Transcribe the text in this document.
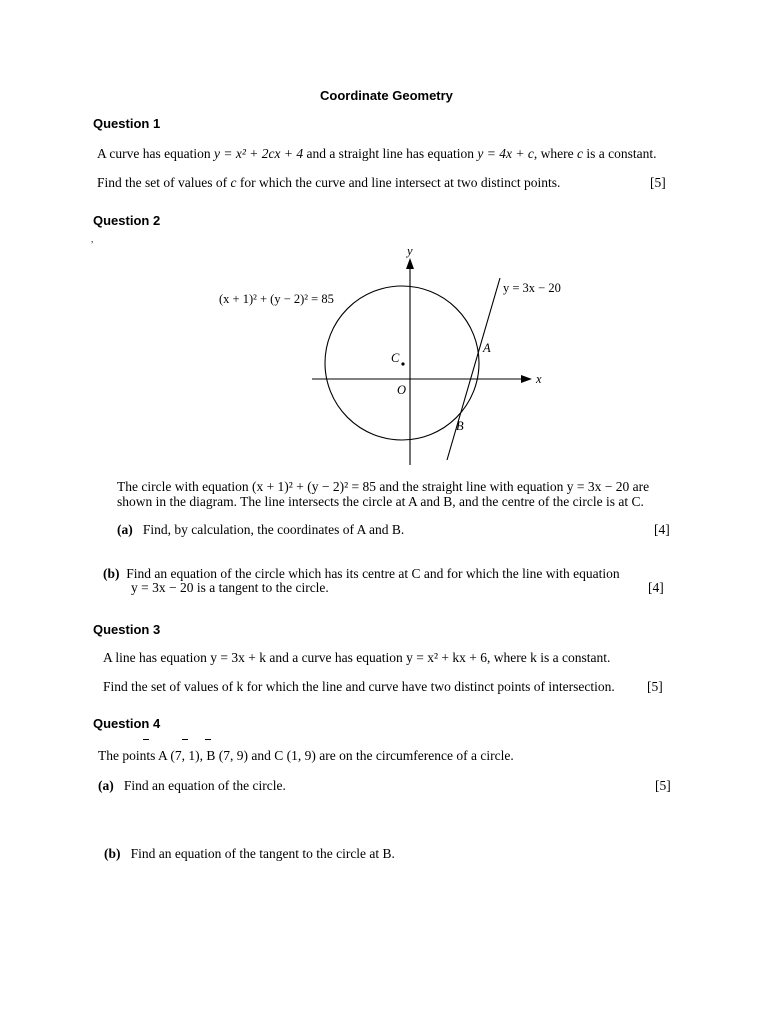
Coordinate Geometry
Question 1
A curve has equation y = x² + 2cx + 4 and a straight line has equation y = 4x + c, where c is a constant.
Find the set of values of c for which the curve and line intersect at two distinct points.	[5]
Question 2
,
y
x
O
C
A
B
(x + 1)² + (y − 2)² = 85
y = 3x − 20
The circle with equation (x + 1)² + (y − 2)² = 85 and the straight line with equation y = 3x − 20 are
shown in the diagram. The line intersects the circle at A and B, and the centre of the circle is at C.
(a) Find, by calculation, the coordinates of A and B.	[4]
(b) Find an equation of the circle which has its centre at C and for which the line with equation
y = 3x − 20 is a tangent to the circle.	[4]
Question 3
A line has equation y = 3x + k and a curve has equation y = x² + kx + 6, where k is a constant.
Find the set of values of k for which the line and curve have two distinct points of intersection. [5]
Question 4
The points A (7, 1), B (7, 9) and C (1, 9) are on the circumference of a circle.
(a) Find an equation of the circle.	[5]
(b) Find an equation of the tangent to the circle at B.
